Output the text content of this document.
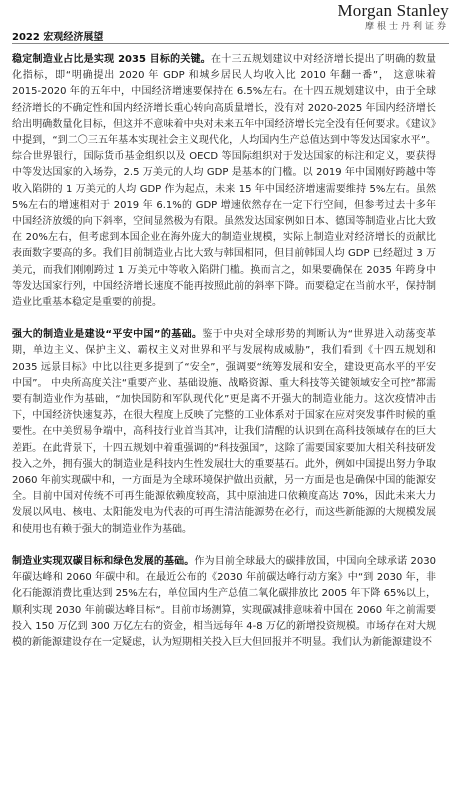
Morgan Stanley
摩根士丹利证券
2022 宏观经济展望

稳定制造业占比是实现 2035 目标的关键。在十三五规划建议中对经济增长提出了明确的数量化指标，即“明确提出 2020 年 GDP 和城乡居民人均收入比 2010 年翻一番”， 这意味着 2015-2020 年的五年中，中国经济增速要保持在 6.5%左右。在十四五规划建议中，由于全球经济增长的不确定性和国内经济增长重心转向高质量增长，没有对 2020-2025 年国内经济增长给出明确数量化目标，但这并不意味着中央对未来五年中国经济增长完全没有任何要求。《建议》中提到，“到二〇三五年基本实现社会主义现代化，人均国内生产总值达到中等发达国家水平”。综合世界银行，国际货币基金组织以及 OECD 等国际组织对于发达国家的标注和定义，要获得中等发达国家的入场券，2.5 万美元的人均 GDP 是基本的门槛。以 2019 年中国刚好跨越中等收入陷阱的 1 万美元的人均 GDP 作为起点，未来 15 年中国经济增速需要维持 5%左右。虽然 5%左右的增速相对于 2019 年 6.1%的 GDP 增速依然存在一定下行空间，但参考过去十多年中国经济放缓的向下斜率，空间显然极为有限。虽然发达国家例如日本、德国等制造业占比大致在 20%左右，但考虑到本国企业在海外庞大的制造业规模，实际上制造业对经济增长的贡献比表面数字要高的多。我们目前制造业占比大致与韩国相同，但目前韩国人均 GDP 已经超过 3 万美元，而我们刚刚跨过 1 万美元中等收入陷阱门槛。换而言之，如果要确保在 2035 年跨身中等发达国家行列，中国经济增长速度不能再按照此前的斜率下降。而要稳定在当前水平，保持制造业比重基本稳定是重要的前提。

强大的制造业是建设“平安中国”的基础。鉴于中央对全球形势的判断认为“世界进入动荡变革期，单边主义、保护主义、霸权主义对世界和平与发展构成威胁”，我们看到《十四五规划和 2035 远景目标》中比以往更多提到了“安全”，强调要“统筹发展和安全，建设更高水平的平安中国”。 中央所高度关注“重要产业、基础设施、战略资源、重大科技等关键领域安全可控”都需要有制造业作为基础，“加快国防和军队现代化”更是离不开强大的制造业能力。这次疫情冲击下，中国经济快速复苏，在很大程度上反映了完整的工业体系对于国家在应对突发事件时候的重要性。在中美贸易争端中，高科技行业首当其冲，让我们清醒的认识到在高科技领域存在的巨大差距。在此背景下，十四五规划中着重强调的“科技强国”，这除了需要国家要加大相关科技研发投入之外，拥有强大的制造业是科技内生性发展壮大的重要基石。此外，例如中国提出努力争取 2060 年前实现碳中和，一方面是为全球环境保护做出贡献，另一方面是也是确保中国的能源安全。目前中国对传统不可再生能源依赖度较高，其中原油进口依赖度高达 70%，因此未来大力发展以风电、核电、太阳能发电为代表的可再生清洁能源势在必行，而这些新能源的大规模发展和使用也有赖于强大的制造业作为基础。

制造业实现双碳目标和绿色发展的基础。作为目前全球最大的碳排放国，中国向全球承诺 2030 年碳达峰和 2060 年碳中和。在最近公布的《2030 年前碳达峰行动方案》中“到 2030 年，非化石能源消费比重达到 25%左右，单位国内生产总值二氧化碳排放比 2005 年下降 65%以上，顺利实现 2030 年前碳达峰目标“。目前市场测算，实现碳减排意味着中国在 2060 年之前需要投入 150 万亿到 300 万亿左右的资金，相当远每年 4-8 万亿的新增投资规模。市场存在对大规模的新能源建设存在一定疑虑，认为短期相关投入巨大但回报并不明显。我们认为新能源建设不
